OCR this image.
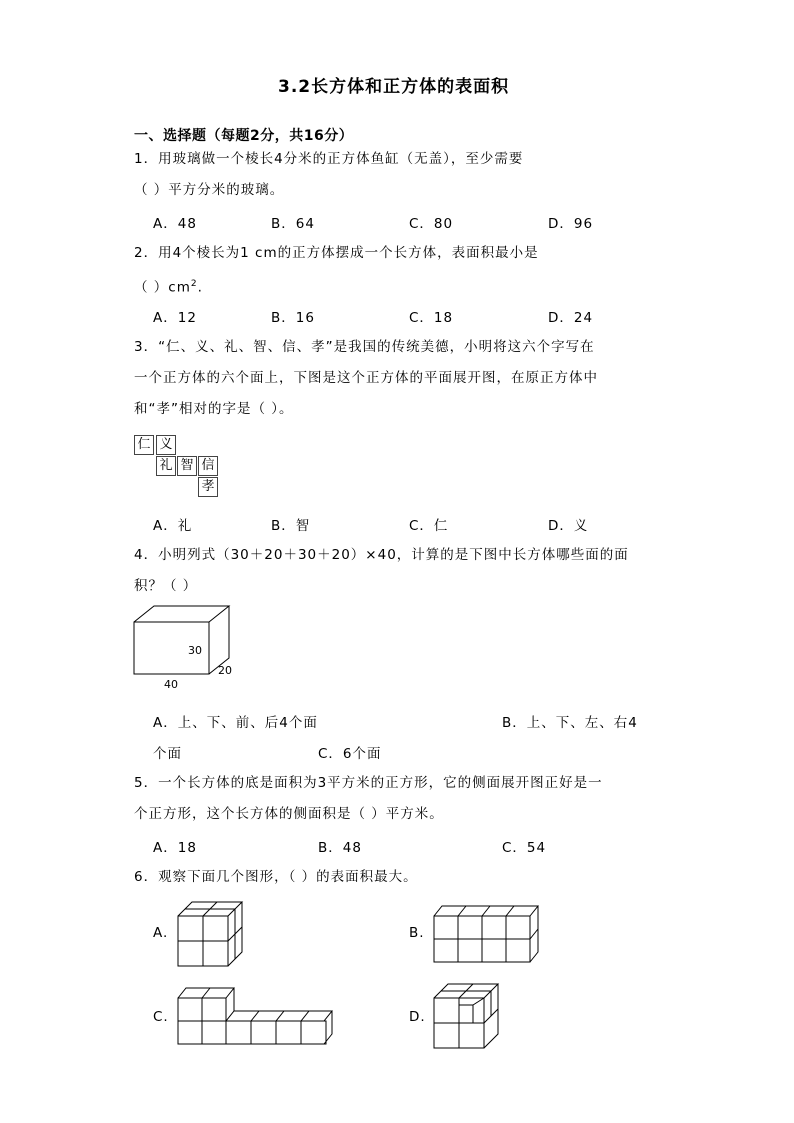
3.2长方体和正方体的表面积
一、选择题（每题2分，共16分）
1．用玻璃做一个棱长4分米的正方体鱼缸（无盖），至少需要
（ ）平方分米的玻璃。
A．48	B．64	C．80	D．96
2．用4个棱长为1 cm的正方体摆成一个长方体，表面积最小是
（ ）$cm^2$.
A．12	B．16	C．18	D．24
3．“仁、义、礼、智、信、孝”是我国的传统美德，小明将这六个字写在
一个正方体的六个面上，下图是这个正方体的平面展开图，在原正方体中
和“孝”相对的字是（ ）。
仁 义
礼 智 信
孝
A．礼	B．智	C．仁	D．义
4．小明列式（30＋20＋30＋20）×40，计算的是下图中长方体哪些面的面
积？（ ）
30
20
40
A．上、下、前、后4个面	B．上、下、左、右4
个面	C．6个面
5．一个长方体的底是面积为3平方米的正方形，它的侧面展开图正好是一
个正方形，这个长方体的侧面积是（ ）平方米。
A．18	B．48	C．54
6．观察下面几个图形，（ ）的表面积最大。
A.	B.
C.	D.
